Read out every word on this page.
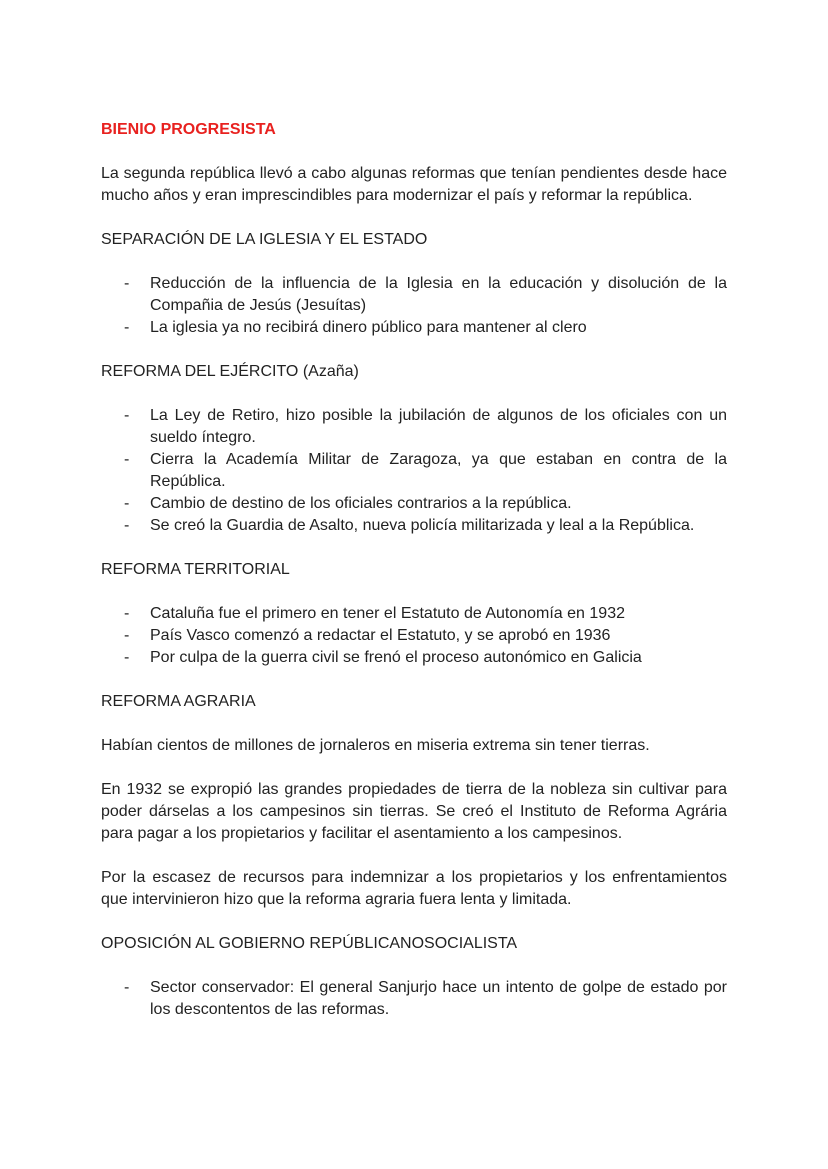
BIENIO PROGRESISTA

La segunda república llevó a cabo algunas reformas que tenían pendientes desde hace mucho años y eran imprescindibles para modernizar el país y reformar la república.

SEPARACIÓN DE LA IGLESIA Y EL ESTADO
- Reducción de la influencia de la Iglesia en la educación y disolución de la Compañia de Jesús (Jesuítas)
- La iglesia ya no recibirá dinero público para mantener al clero
REFORMA DEL EJÉRCITO (Azaña)
- La Ley de Retiro, hizo posible la jubilación de algunos de los oficiales con un sueldo íntegro.
- Cierra la Academía Militar de Zaragoza, ya que estaban en contra de la República.
- Cambio de destino de los oficiales contrarios a la república.
- Se creó la Guardia de Asalto, nueva policía militarizada y leal a la República.
REFORMA TERRITORIAL
- Cataluña fue el primero en tener el Estatuto de Autonomía en 1932
- País Vasco comenzó a redactar el Estatuto, y se aprobó en 1936
- Por culpa de la guerra civil se frenó el proceso autonómico en Galicia
REFORMA AGRARIA

Habían cientos de millones de jornaleros en miseria extrema sin tener tierras.

En 1932 se expropió las grandes propiedades de tierra de la nobleza sin cultivar para poder dárselas a los campesinos sin tierras. Se creó el Instituto de Reforma Agrária para pagar a los propietarios y facilitar el asentamiento a los campesinos.

Por la escasez de recursos para indemnizar a los propietarios y los enfrentamientos que intervinieron hizo que la reforma agraria fuera lenta y limitada.

OPOSICIÓN AL GOBIERNO REPÚBLICANOSOCIALISTA
- Sector conservador: El general Sanjurjo hace un intento de golpe de estado por los descontentos de las reformas.
